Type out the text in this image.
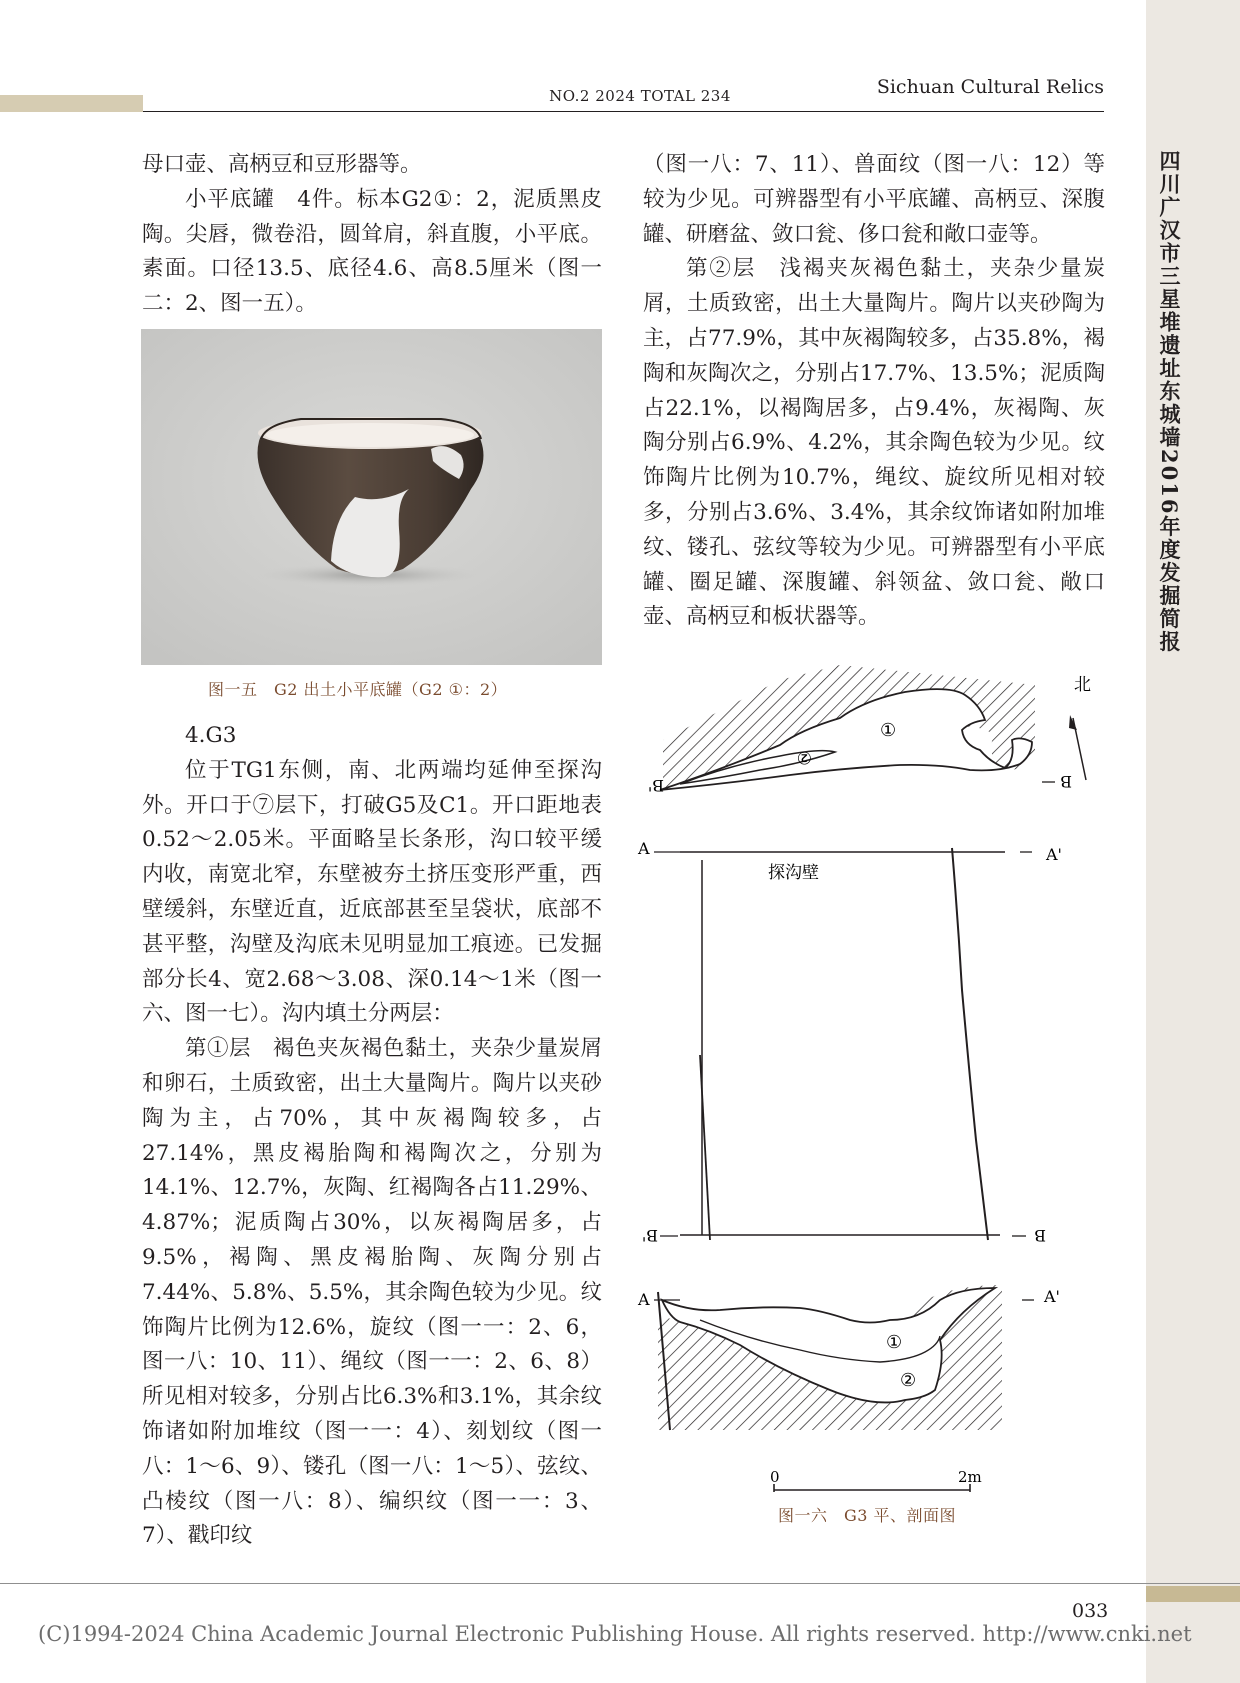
NO.2 2024 TOTAL 234	Sichuan Cultural Relics
四川广汉市三星堆遗址东城墙2016年度发掘简报

母口壶、高柄豆和豆形器等。

小平底罐　4件。标本G2①：2，泥质黑皮陶。尖唇，微卷沿，圆耸肩，斜直腹，小平底。素面。口径13.5、底径4.6、高8.5厘米（图一二：2、图一五）。

图一五　G2 出土小平底罐（G2 ①：2）

4.G3

位于TG1东侧，南、北两端均延伸至探沟外。开口于⑦层下，打破G5及C1。开口距地表0.52～2.05米。平面略呈长条形，沟口较平缓内收，南宽北窄，东壁被夯土挤压变形严重，西壁缓斜，东壁近直，近底部甚至呈袋状，底部不甚平整，沟壁及沟底未见明显加工痕迹。已发掘部分长4、宽2.68～3.08、深0.14～1米（图一六、图一七）。沟内填土分两层：

第①层　褐色夹灰褐色黏土，夹杂少量炭屑和卵石，土质致密，出土大量陶片。陶片以夹砂陶为主，占70%，其中灰褐陶较多，占27.14%，黑皮褐胎陶和褐陶次之，分别为14.1%、12.7%，灰陶、红褐陶各占11.29%、4.87%；泥质陶占30%，以灰褐陶居多，占9.5%，褐陶、黑皮褐胎陶、灰陶分别占7.44%、5.8%、5.5%，其余陶色较为少见。纹饰陶片比例为12.6%，旋纹（图一一：2、6，图一八：10、11）、绳纹（图一一：2、6、8）所见相对较多，分别占比6.3%和3.1%，其余纹饰诸如附加堆纹（图一一：4）、刻划纹（图一八：1～6、9）、镂孔（图一八：1～5）、弦纹、凸棱纹（图一八：8）、编织纹（图一一：3、7）、戳印纹

（图一八：7、11）、兽面纹（图一八：12）等较为少见。可辨器型有小平底罐、高柄豆、深腹罐、研磨盆、敛口瓮、侈口瓮和敞口壶等。

第②层　浅褐夹灰褐色黏土，夹杂少量炭屑，土质致密，出土大量陶片。陶片以夹砂陶为主，占77.9%，其中灰褐陶较多，占35.8%，褐陶和灰陶次之，分别占17.7%、13.5%；泥质陶占22.1%，以褐陶居多，占9.4%，灰褐陶、灰陶分别占6.9%、4.2%，其余陶色较为少见。纹饰陶片比例为10.7%，绳纹、旋纹所见相对较多，分别占3.6%、3.4%，其余纹饰诸如附加堆纹、镂孔、弦纹等较为少见。可辨器型有小平底罐、圈足罐、深腹罐、斜领盆、敛口瓮、敞口壶、高柄豆和板状器等。

北
①
②
B'	B
A	A'
探沟壁
B'	B
A	A'
①
②
0	2m
图一六　G3 平、剖面图
033
(C)1994-2024 China Academic Journal Electronic Publishing House. All rights reserved. http://www.cnki.net
